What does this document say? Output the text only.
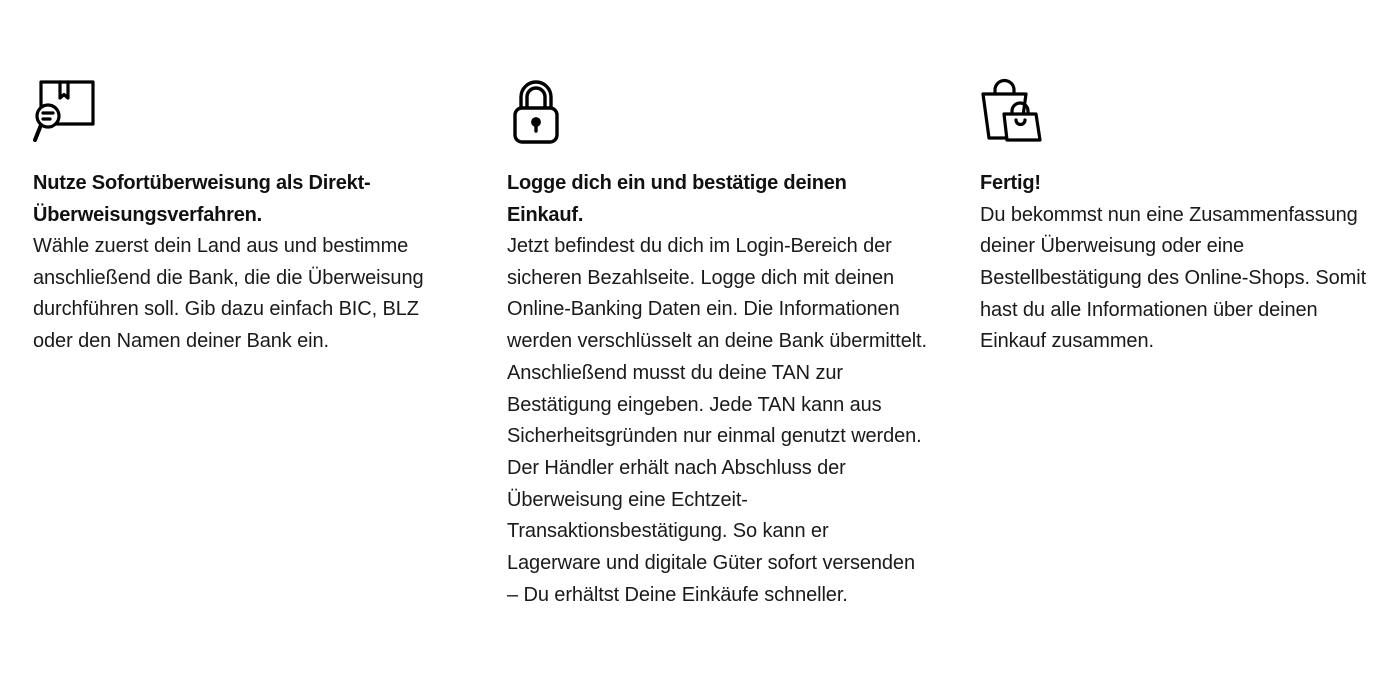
Nutze Sofortüberweisung als Direkt-Überweisungsverfahren.

Wähle zuerst dein Land aus und bestimme anschließend die Bank, die die Überweisung durchführen soll. Gib dazu einfach BIC, BLZ oder den Namen deiner Bank ein.

Logge dich ein und bestätige deinen Einkauf.

Jetzt befindest du dich im Login-Bereich der sicheren Bezahlseite. Logge dich mit deinen Online-Banking Daten ein. Die Informationen werden verschlüsselt an deine Bank übermittelt. Anschließend musst du deine TAN zur Bestätigung eingeben. Jede TAN kann aus Sicherheitsgründen nur einmal genutzt werden. Der Händler erhält nach Abschluss der Überweisung eine Echtzeit-Transaktionsbestätigung. So kann er Lagerware und digitale Güter sofort versenden – Du erhältst Deine Einkäufe schneller.

Fertig!

Du bekommst nun eine Zusammenfassung deiner Überweisung oder eine Bestellbestätigung des Online-Shops. Somit hast du alle Informationen über deinen Einkauf zusammen.
